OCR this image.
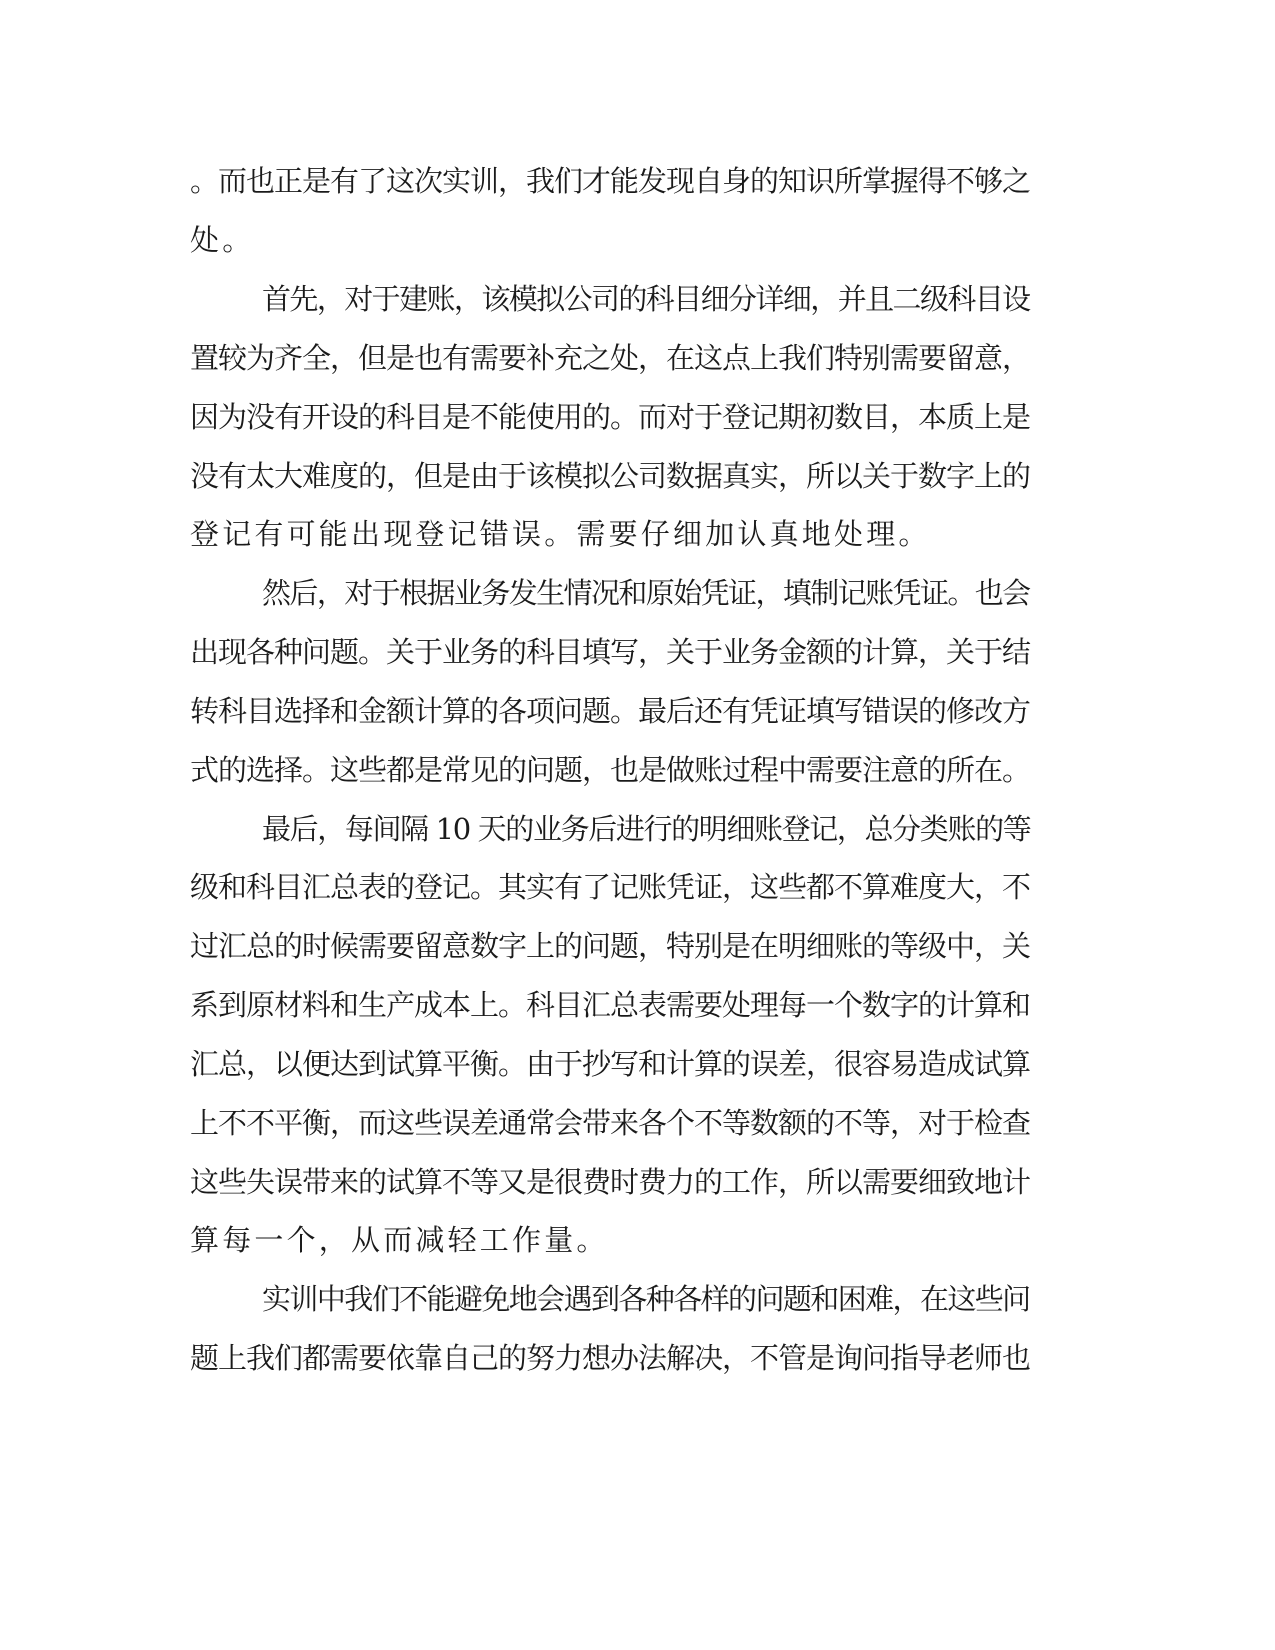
。而也正是有了这次实训，我们才能发现自身的知识所掌握得不够之
处。
首先，对于建账，该模拟公司的科目细分详细，并且二级科目设
置较为齐全，但是也有需要补充之处，在这点上我们特别需要留意，
因为没有开设的科目是不能使用的。而对于登记期初数目，本质上是
没有太大难度的，但是由于该模拟公司数据真实，所以关于数字上的
登记有可能出现登记错误。需要仔细加认真地处理。
然后，对于根据业务发生情况和原始凭证，填制记账凭证。也会
出现各种问题。关于业务的科目填写，关于业务金额的计算，关于结
转科目选择和金额计算的各项问题。最后还有凭证填写错误的修改方
式的选择。这些都是常见的问题，也是做账过程中需要注意的所在。
最后，每间隔 10 天的业务后进行的明细账登记，总分类账的等
级和科目汇总表的登记。其实有了记账凭证，这些都不算难度大，不
过汇总的时候需要留意数字上的问题，特别是在明细账的等级中，关
系到原材料和生产成本上。科目汇总表需要处理每一个数字的计算和
汇总，以便达到试算平衡。由于抄写和计算的误差，很容易造成试算
上不不平衡，而这些误差通常会带来各个不等数额的不等，对于检查
这些失误带来的试算不等又是很费时费力的工作，所以需要细致地计
算每一个，从而减轻工作量。
实训中我们不能避免地会遇到各种各样的问题和困难，在这些问
题上我们都需要依靠自己的努力想办法解决，不管是询问指导老师也
